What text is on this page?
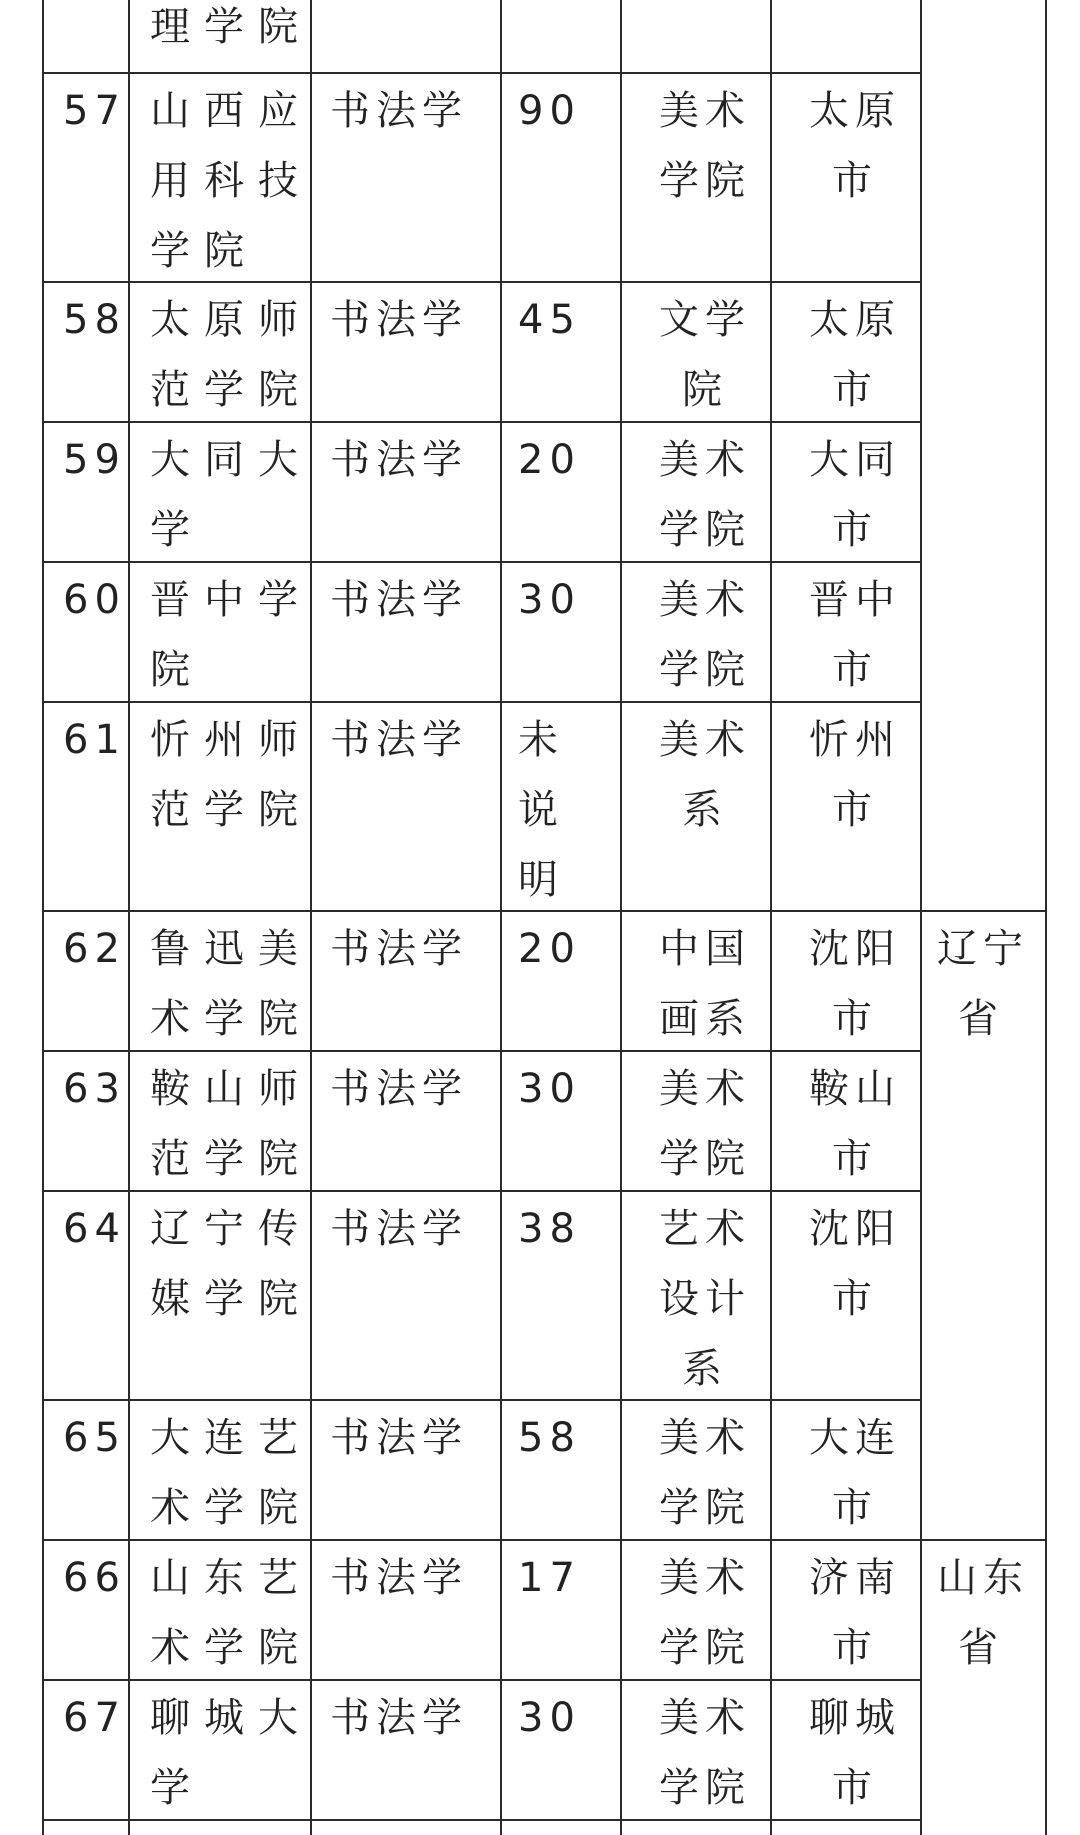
理学院
57 山西应
用科技
学院
书法学 90 美术
学院
太原
市
58 太原师
范学院
书法学 45 文学
院
太原
市
59 大同大
学
书法学 20 美术
学院
大同
市
60 晋中学
院
书法学 30 美术
学院
晋中
市
61 忻州师
范学院
书法学 未
说
明
美术
系
忻州
市
62 鲁迅美
术学院
书法学 20 中国
画系
沈阳
市
63 鞍山师
范学院
书法学 30 美术
学院
鞍山
市
64 辽宁传
媒学院
书法学 38 艺术
设计
系
沈阳
市
65 大连艺
术学院
书法学 58 美术
学院
大连
市
66 山东艺
术学院
书法学 17 美术
学院
济南
市
67 聊城大
学
书法学 30 美术
学院
聊城
市
辽宁
省
山东
省
